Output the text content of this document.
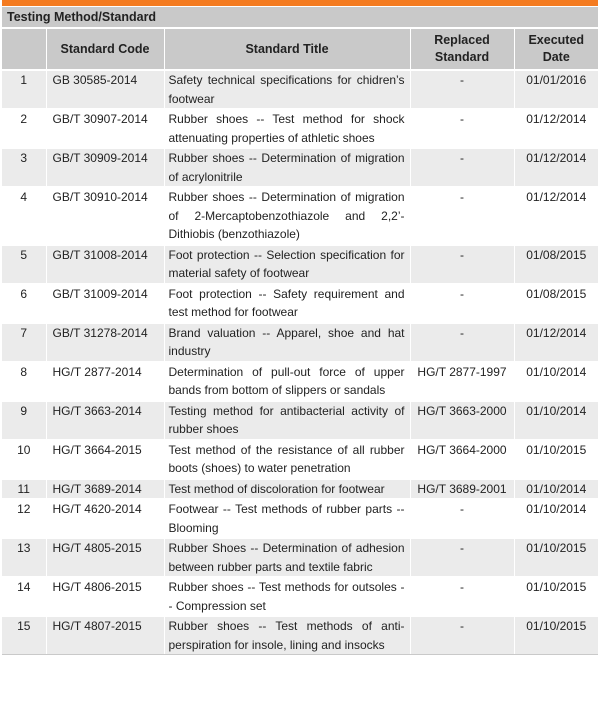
Testing Method/Standard
	Standard Code	Standard Title	Replaced Standard	Executed Date
1	GB 30585-2014	Safety technical specifications for chidren’s footwear	-	01/01/2016
2	GB/T 30907-2014	Rubber shoes -- Test method for shock attenuating properties of athletic shoes	-	01/12/2014
3	GB/T 30909-2014	Rubber shoes -- Determination of migration of acrylonitrile	-	01/12/2014
4	GB/T 30910-2014	Rubber shoes -- Determination of migration of 2-Mercaptobenzothiazole and 2,2’-Dithiobis (benzothiazole)	-	01/12/2014
5	GB/T 31008-2014	Foot protection -- Selection specification for material safety of footwear	-	01/08/2015
6	GB/T 31009-2014	Foot protection -- Safety requirement and test method for footwear	-	01/08/2015
7	GB/T 31278-2014	Brand valuation -- Apparel, shoe and hat industry	-	01/12/2014
8	HG/T 2877-2014	Determination of pull-out force of upper bands from bottom of slippers or sandals	HG/T 2877-1997	01/10/2014
9	HG/T 3663-2014	Testing method for antibacterial activity of rubber shoes	HG/T 3663-2000	01/10/2014
10	HG/T 3664-2015	Test method of the resistance of all rubber boots (shoes) to water penetration	HG/T 3664-2000	01/10/2015
11	HG/T 3689-2014	Test method of discoloration for footwear	HG/T 3689-2001	01/10/2014
12	HG/T 4620-2014	Footwear -- Test methods of rubber parts -- Blooming	-	01/10/2014
13	HG/T 4805-2015	Rubber Shoes -- Determination of adhesion between rubber parts and textile fabric	-	01/10/2015
14	HG/T 4806-2015	Rubber shoes -- Test methods for outsoles -- Compression set	-	01/10/2015
15	HG/T 4807-2015	Rubber shoes -- Test methods of anti-perspiration for insole, lining and insocks	-	01/10/2015
